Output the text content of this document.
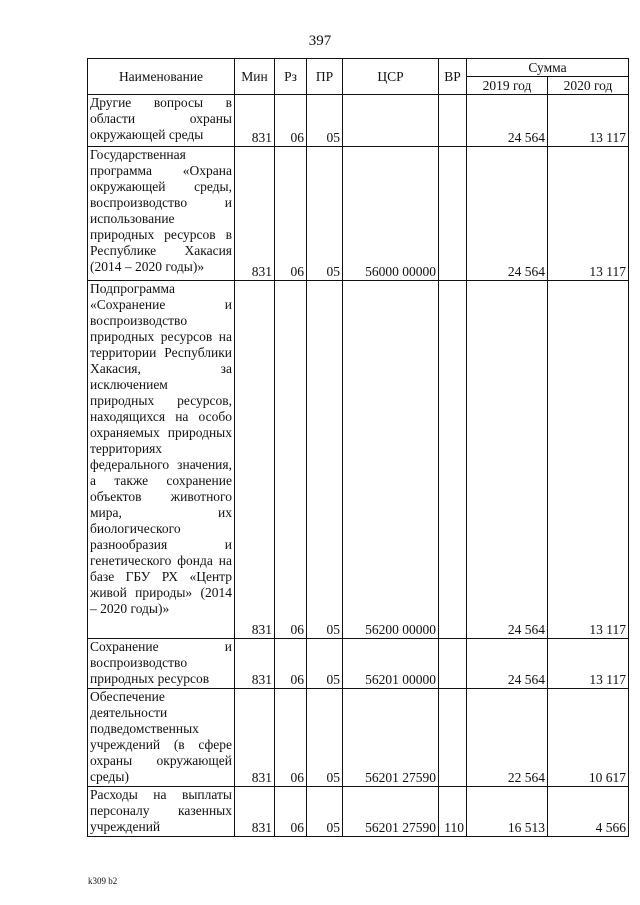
397
Наименование	Мин	Рз	ПР	ЦСР	ВР	Сумма	
						2019 год	2020 год
Другие вопросы в области охраны окружающей среды	831	06	05			24 564	13 117
Государственная программа «Охрана окружающей среды, воспроизводство и использование природных ресурсов в Республике Хакасия (2014 – 2020 годы)»	831	06	05	56000 00000		24 564	13 117
Подпрограмма «Сохранение и воспроизводство природных ресурсов на территории Республики Хакасия, за исключением природных ресурсов, находящихся на особо охраняемых природных территориях федерального значения, а также сохранение объектов животного мира, их биологического разнообразия и генетического фонда на базе ГБУ РХ «Центр живой природы» (2014 – 2020 годы)»	831	06	05	56200 00000		24 564	13 117
Сохранение и воспроизводство природных ресурсов	831	06	05	56201 00000		24 564	13 117
Обеспечение деятельности подведомственных учреждений (в сфере охраны окружающей среды)	831	06	05	56201 27590		22 564	10 617
Расходы на выплаты персоналу казенных учреждений	831	06	05	56201 27590	110	16 513	4 566
k309 b2
